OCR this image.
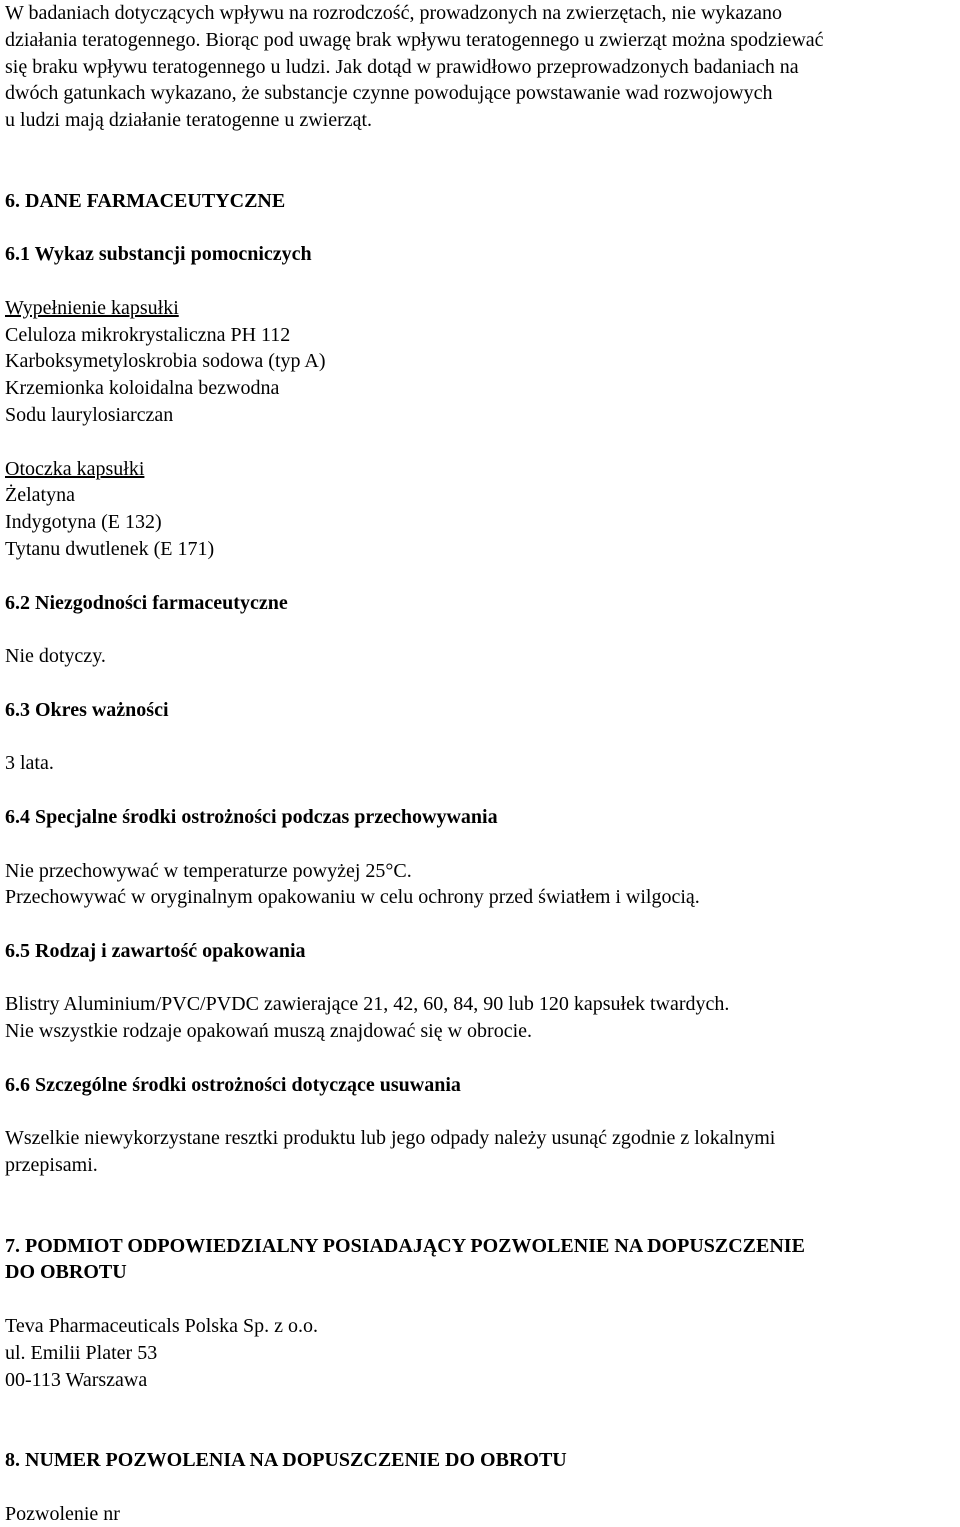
W badaniach dotyczących wpływu na rozrodczość, prowadzonych na zwierzętach, nie wykazano

działania teratogennego. Biorąc pod uwagę brak wpływu teratogennego u zwierząt można spodziewać

się braku wpływu teratogennego u ludzi. Jak dotąd w prawidłowo przeprowadzonych badaniach na

dwóch gatunkach wykazano, że substancje czynne powodujące powstawanie wad rozwojowych

u ludzi mają działanie teratogenne u zwierząt.

6. DANE FARMACEUTYCZNE

6.1 Wykaz substancji pomocniczych

Wypełnienie kapsułki

Celuloza mikrokrystaliczna PH 112

Karboksymetyloskrobia sodowa (typ A)

Krzemionka koloidalna bezwodna

Sodu laurylosiarczan

Otoczka kapsułki

Żelatyna

Indygotyna (E 132)

Tytanu dwutlenek (E 171)

6.2 Niezgodności farmaceutyczne

Nie dotyczy.

6.3 Okres ważności

3 lata.

6.4 Specjalne środki ostrożności podczas przechowywania

Nie przechowywać w temperaturze powyżej 25°C.

Przechowywać w oryginalnym opakowaniu w celu ochrony przed światłem i wilgocią.

6.5 Rodzaj i zawartość opakowania

Blistry Aluminium/PVC/PVDC zawierające 21, 42, 60, 84, 90 lub 120 kapsułek twardych.

Nie wszystkie rodzaje opakowań muszą znajdować się w obrocie.

6.6 Szczególne środki ostrożności dotyczące usuwania

Wszelkie niewykorzystane resztki produktu lub jego odpady należy usunąć zgodnie z lokalnymi

przepisami.

7. PODMIOT ODPOWIEDZIALNY POSIADAJĄCY POZWOLENIE NA DOPUSZCZENIE

DO OBROTU

Teva Pharmaceuticals Polska Sp. z o.o.

ul. Emilii Plater 53

00-113 Warszawa

8. NUMER POZWOLENIA NA DOPUSZCZENIE DO OBROTU

Pozwolenie nr
